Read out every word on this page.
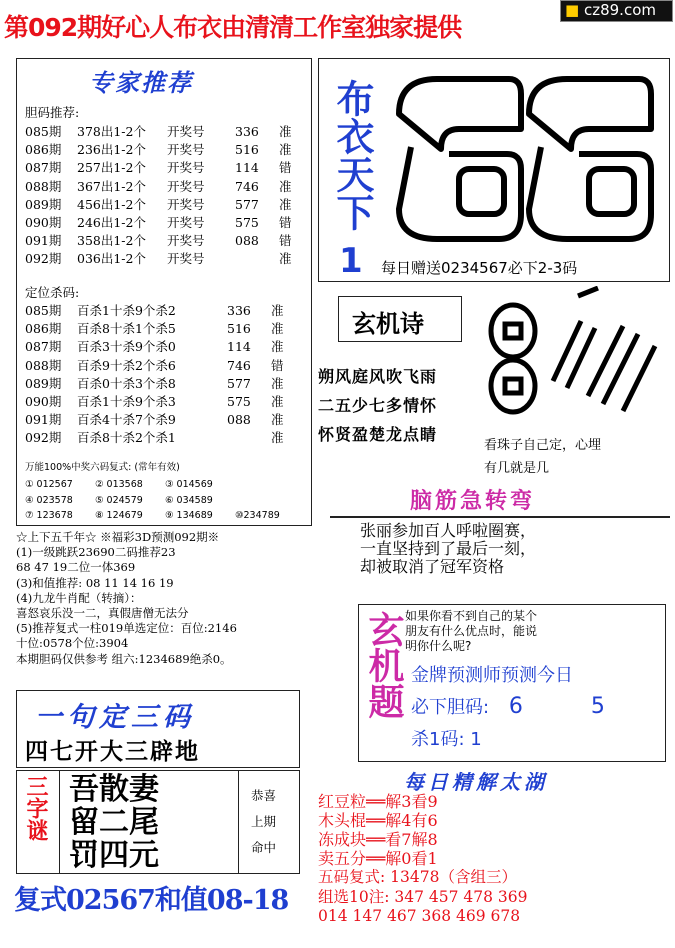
第092期好心人布衣由清清工作室独家提供
■ cz89.com
专家推荐
胆码推荐:
085期	378出1-2个	开奖号	336	准
086期	236出1-2个	开奖号	516	准
087期	257出1-2个	开奖号	114	错
088期	367出1-2个	开奖号	746	准
089期	456出1-2个	开奖号	577	准
090期	246出1-2个	开奖号	575	错
091期	358出1-2个	开奖号	088	错
092期	036出1-2个	开奖号	准
定位杀码:
085期	百杀1十杀9个杀2	336	准
086期	百杀8十杀1个杀5	516	准
087期	百杀3十杀9个杀0	114	准
088期	百杀9十杀2个杀6	746	错
089期	百杀0十杀3个杀8	577	准
090期	百杀1十杀9个杀3	575	准
091期	百杀4十杀7个杀9	088	准
092期	百杀8十杀2个杀1	准
万能100%中奖六码复式: (常年有效)
① 012567	② 013568	③ 014569
④ 023578	⑤ 024579	⑥ 034589
⑦ 123678	⑧ 124679	⑨ 134689	⑩234789
☆上下五千年☆ ※福彩3D预测092期※
(1)一级跳跃23690二码推荐23
68 47 19二位一体369
(3)和值推荐: 08 11 14 16 19
(4)九龙牛肖配（转摘）：
喜怒哀乐没一二，真假唐僧无法分
(5)推荐复式一柱019单选定位：百位:2146
十位:0578个位:3904
本期胆码仅供参考 组六:1234689绝杀0。
一句定三码
四七开大三辟地
三字谜 吾散妻
留二尾
罚四元
恭喜
上期
命中
复式02567和值08-18
布衣天下
1 每日赠送0234567必下2-3码
玄机诗
朔风庭风吹飞雨
二五少七多情怀
怀贤盈楚龙点睛
看珠子自己定，心埋
有几就是几
脑筋急转弯
张丽参加百人呼啦圈赛，
一直坚持到了最后一刻，
却被取消了冠军资格
玄机题 如果你看不到自己的某个
朋友有什么优点时，能说
明你什么呢?
金牌预测师预测今日
必下胆码: 6	5
杀1码: 1
每日精解太湖
红豆粒══解3看9
木头棍══解4有6
冻成块══看7解8
卖五分══解0看1
五码复式: 13478（含组三）
组选10注: 347 457 478 369
014 147 467 368 469 678
